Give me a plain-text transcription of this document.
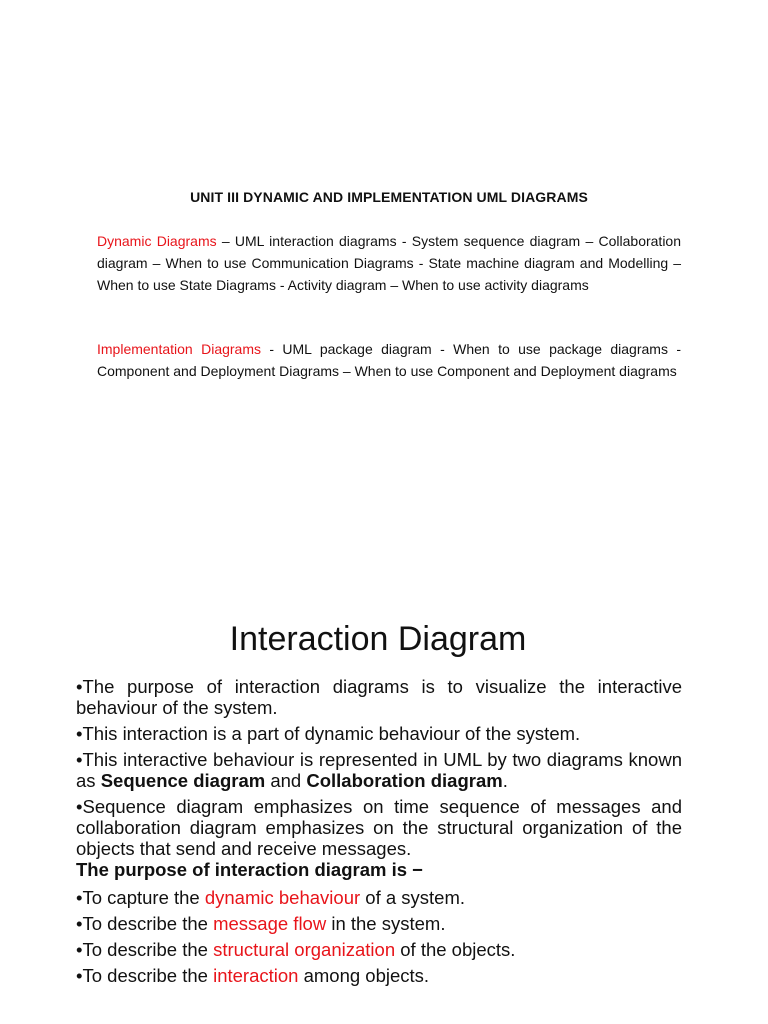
UNIT III DYNAMIC AND IMPLEMENTATION UML DIAGRAMS

Dynamic Diagrams – UML interaction diagrams - System sequence diagram – Collaboration diagram – When to use Communication Diagrams - State machine diagram and Modelling –When to use State Diagrams - Activity diagram – When to use activity diagrams

Implementation Diagrams - UML package diagram - When to use package diagrams - Component and Deployment Diagrams – When to use Component and Deployment diagrams

Interaction Diagram
•The purpose of interaction diagrams is to visualize the interactive behaviour of the system.
•This interaction is a part of dynamic behaviour of the system.
•This interactive behaviour is represented in UML by two diagrams known as Sequence diagram and Collaboration diagram.
•Sequence diagram emphasizes on time sequence of messages and collaboration diagram emphasizes on the structural organization of the objects that send and receive messages.

The purpose of interaction diagram is −

•To capture the dynamic behaviour of a system.
•To describe the message flow in the system.
•To describe the structural organization of the objects.
•To describe the interaction among objects.
